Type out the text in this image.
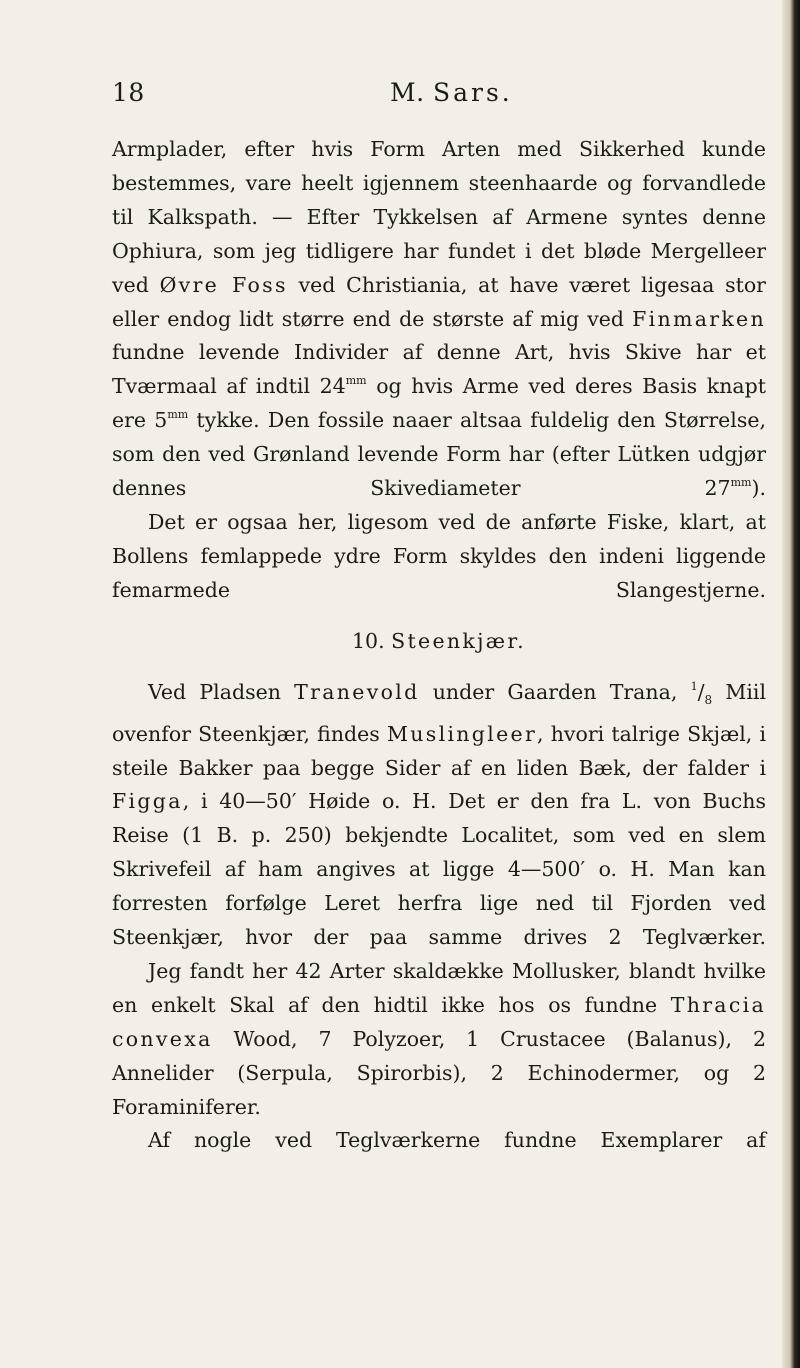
18	M. Sars.

Armplader, efter hvis Form Arten med Sikkerhed kunde bestemmes, vare heelt igjennem steenhaarde og forvandlede til Kalkspath. — Efter Tykkelsen af Armene syntes denne Ophiura, som jeg tidligere har fundet i det bløde Mergelleer ved Øvre Foss ved Christiania, at have været ligesaa stor eller endog lidt større end de største af mig ved Finmarken fundne levende Individer af denne Art, hvis Skive har et Tværmaal af indtil $24^{mm}$ og hvis Arme ved deres Basis knapt ere $5^{mm}$ tykke. Den fossile naaer altsaa fuldelig den Størrelse, som den ved Grønland levende Form har (efter Lütken udgjør dennes Skivediameter $27^{mm}$).

Det er ogsaa her, ligesom ved de anførte Fiske, klart, at Bollens femlappede ydre Form skyldes den indeni liggende femarmede Slangestjerne.

10. Steenkjær.

Ved Pladsen Tranevold under Gaarden Trana, $^1/_8$ Miil ovenfor Steenkjær, findes Muslingleer, hvori talrige Skjæl, i steile Bakker paa begge Sider af en liden Bæk, der falder i Figga, i 40—50′ Høide o. H. Det er den fra L. von Buchs Reise (1 B. p. 250) bekjendte Localitet, som ved en slem Skrivefeil af ham angives at ligge 4—500′ o. H. Man kan forresten forfølge Leret herfra lige ned til Fjorden ved Steenkjær, hvor der paa samme drives 2 Teglværker.

Jeg fandt her 42 Arter skaldække Mollusker, blandt hvilke en enkelt Skal af den hidtil ikke hos os fundne Thracia convexa Wood, 7 Polyzoer, 1 Crustacee (Balanus), 2 Annelider (Serpula, Spirorbis), 2 Echinodermer, og 2 Foraminiferer.

Af nogle ved Teglværkerne fundne Exemplarer af
